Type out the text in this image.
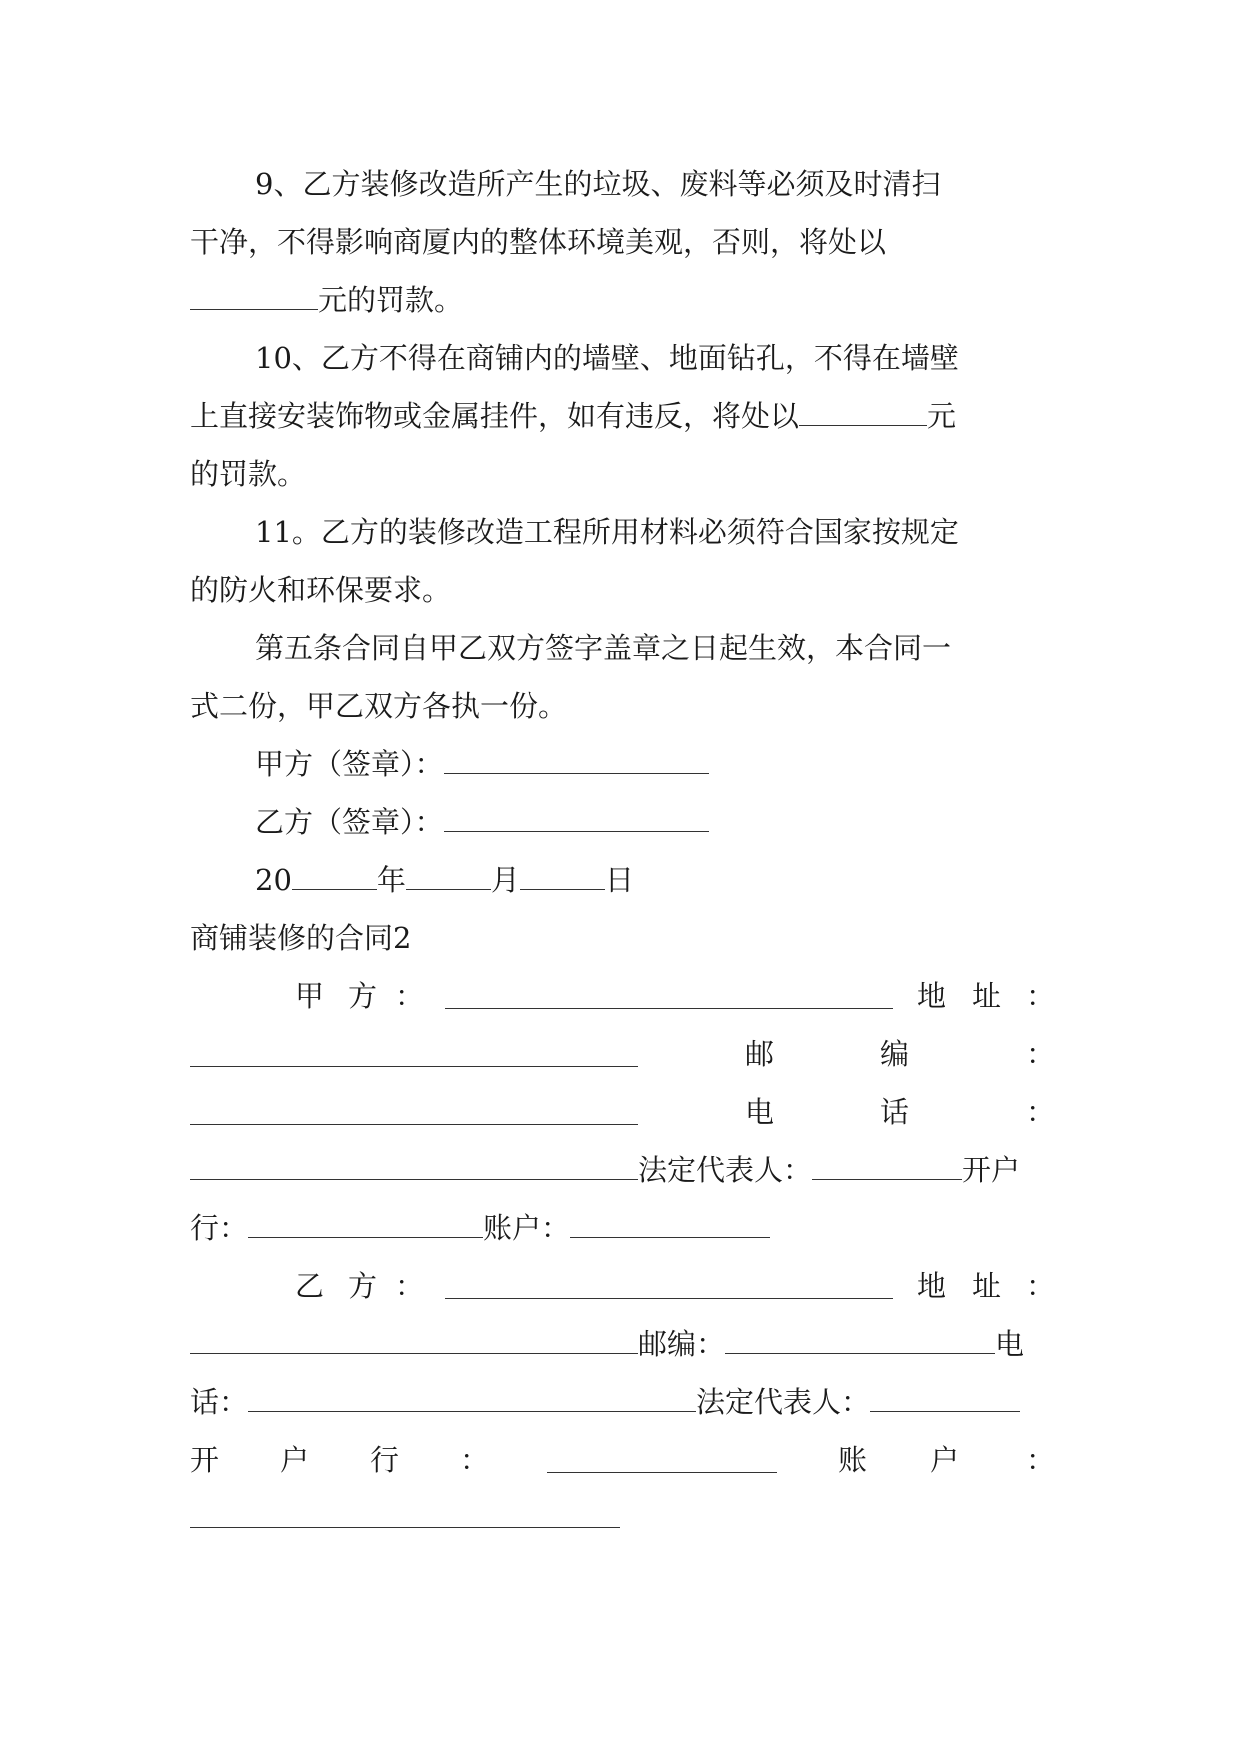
9、乙方装修改造所产生的垃圾、废料等必须及时清扫
干净，不得影响商厦内的整体环境美观，否则，将处以
元的罚款。
10、乙方不得在商铺内的墙壁、地面钻孔，不得在墙壁
上直接安装饰物或金属挂件，如有违反，将处以	元
的罚款。
11。乙方的装修改造工程所用材料必须符合国家按规定
的防火和环保要求。
第五条合同自甲乙双方签字盖章之日起生效，本合同一
式二份，甲乙双方各执一份。
甲方（签章）：
乙方（签章）：
20	年	月	日
商铺装修的合同2
甲 方 ：	地 址 ：
邮	编	：
电	话	：
法定代表人：	开户
行：	账户：
乙 方 ：	地 址 ：
邮编：	电
话：	法定代表人：
开 户 行 ：	账 户 ：
